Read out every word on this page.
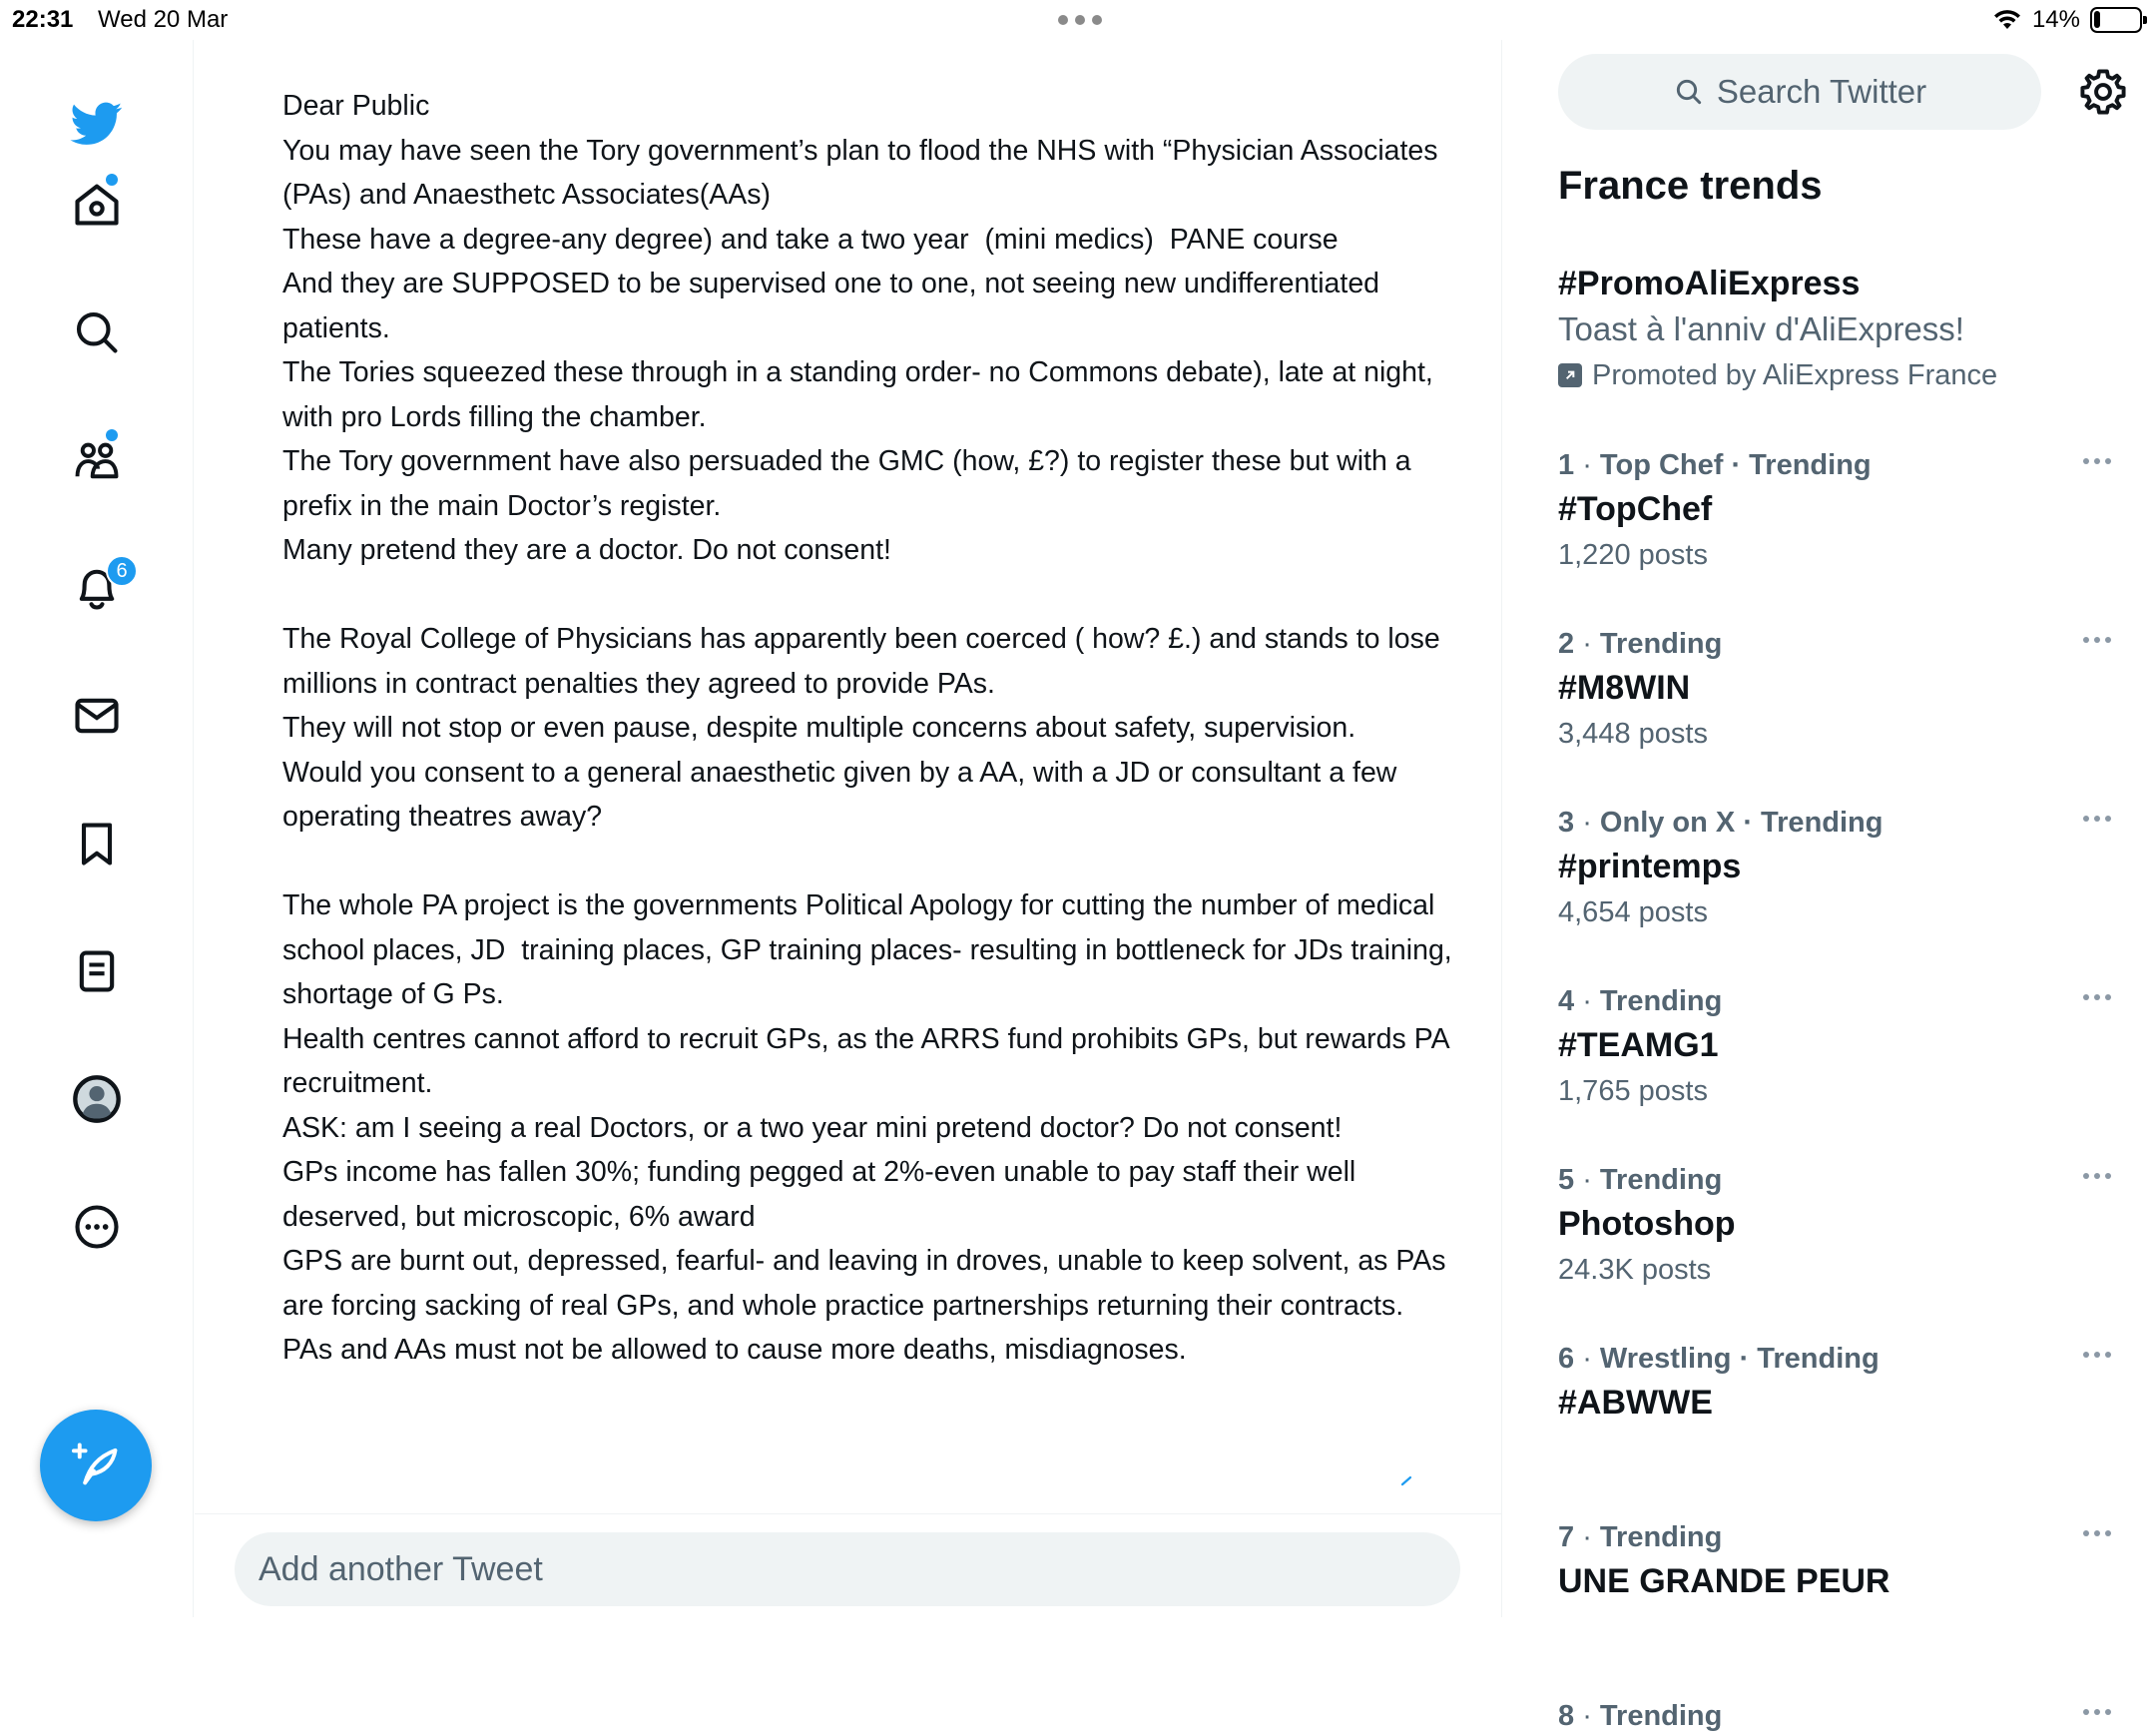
22:31 Wed 20 Mar	14%
6
Dear Public
You may have seen the Tory government’s plan to flood the NHS with “Physician Associates (PAs) and Anaesthetc Associates(AAs)
These have a degree-any degree) and take a two year  (mini medics)  PANE course
And they are SUPPOSED to be supervised one to one, not seeing new undifferentiated patients.
The Tories squeezed these through in a standing order- no Commons debate), late at night, with pro Lords filling the chamber.
The Tory government have also persuaded the GMC (how, £?) to register these but with a prefix in the main Doctor’s register.
Many pretend they are a doctor. Do not consent!

The Royal College of Physicians has apparently been coerced ( how? £.) and stands to lose millions in contract penalties they agreed to provide PAs.
They will not stop or even pause, despite multiple concerns about safety, supervision.
Would you consent to a general anaesthetic given by a AA, with a JD or consultant a few operating theatres away?

The whole PA project is the governments Political Apology for cutting the number of medical school places, JD  training places, GP training places- resulting in bottleneck for JDs training, shortage of G Ps.
Health centres cannot afford to recruit GPs, as the ARRS fund prohibits GPs, but rewards PA recruitment.
ASK: am I seeing a real Doctors, or a two year mini pretend doctor? Do not consent!
GPs income has fallen 30%; funding pegged at 2%-even unable to pay staff their well deserved, but microscopic, 6% award
GPS are burnt out, depressed, fearful- and leaving in droves, unable to keep solvent, as PAs are forcing sacking of real GPs, and whole practice partnerships returning their contracts.
PAs and AAs must not be allowed to cause more deaths, misdiagnoses.
Add another Tweet
Search Twitter
France trends
#PromoAliExpress
Toast à l'anniv d'AliExpress!
Promoted by AliExpress France
1 · Top Chef · Trending
#TopChef
1,220 posts
2 · Trending
#M8WIN
3,448 posts
3 · Only on X · Trending
#printemps
4,654 posts
4 · Trending
#TEAMG1
1,765 posts
5 · Trending
Photoshop
24.3K posts
6 · Wrestling · Trending
#ABWWE
7 · Trending
UNE GRANDE PEUR
8 · Trending
